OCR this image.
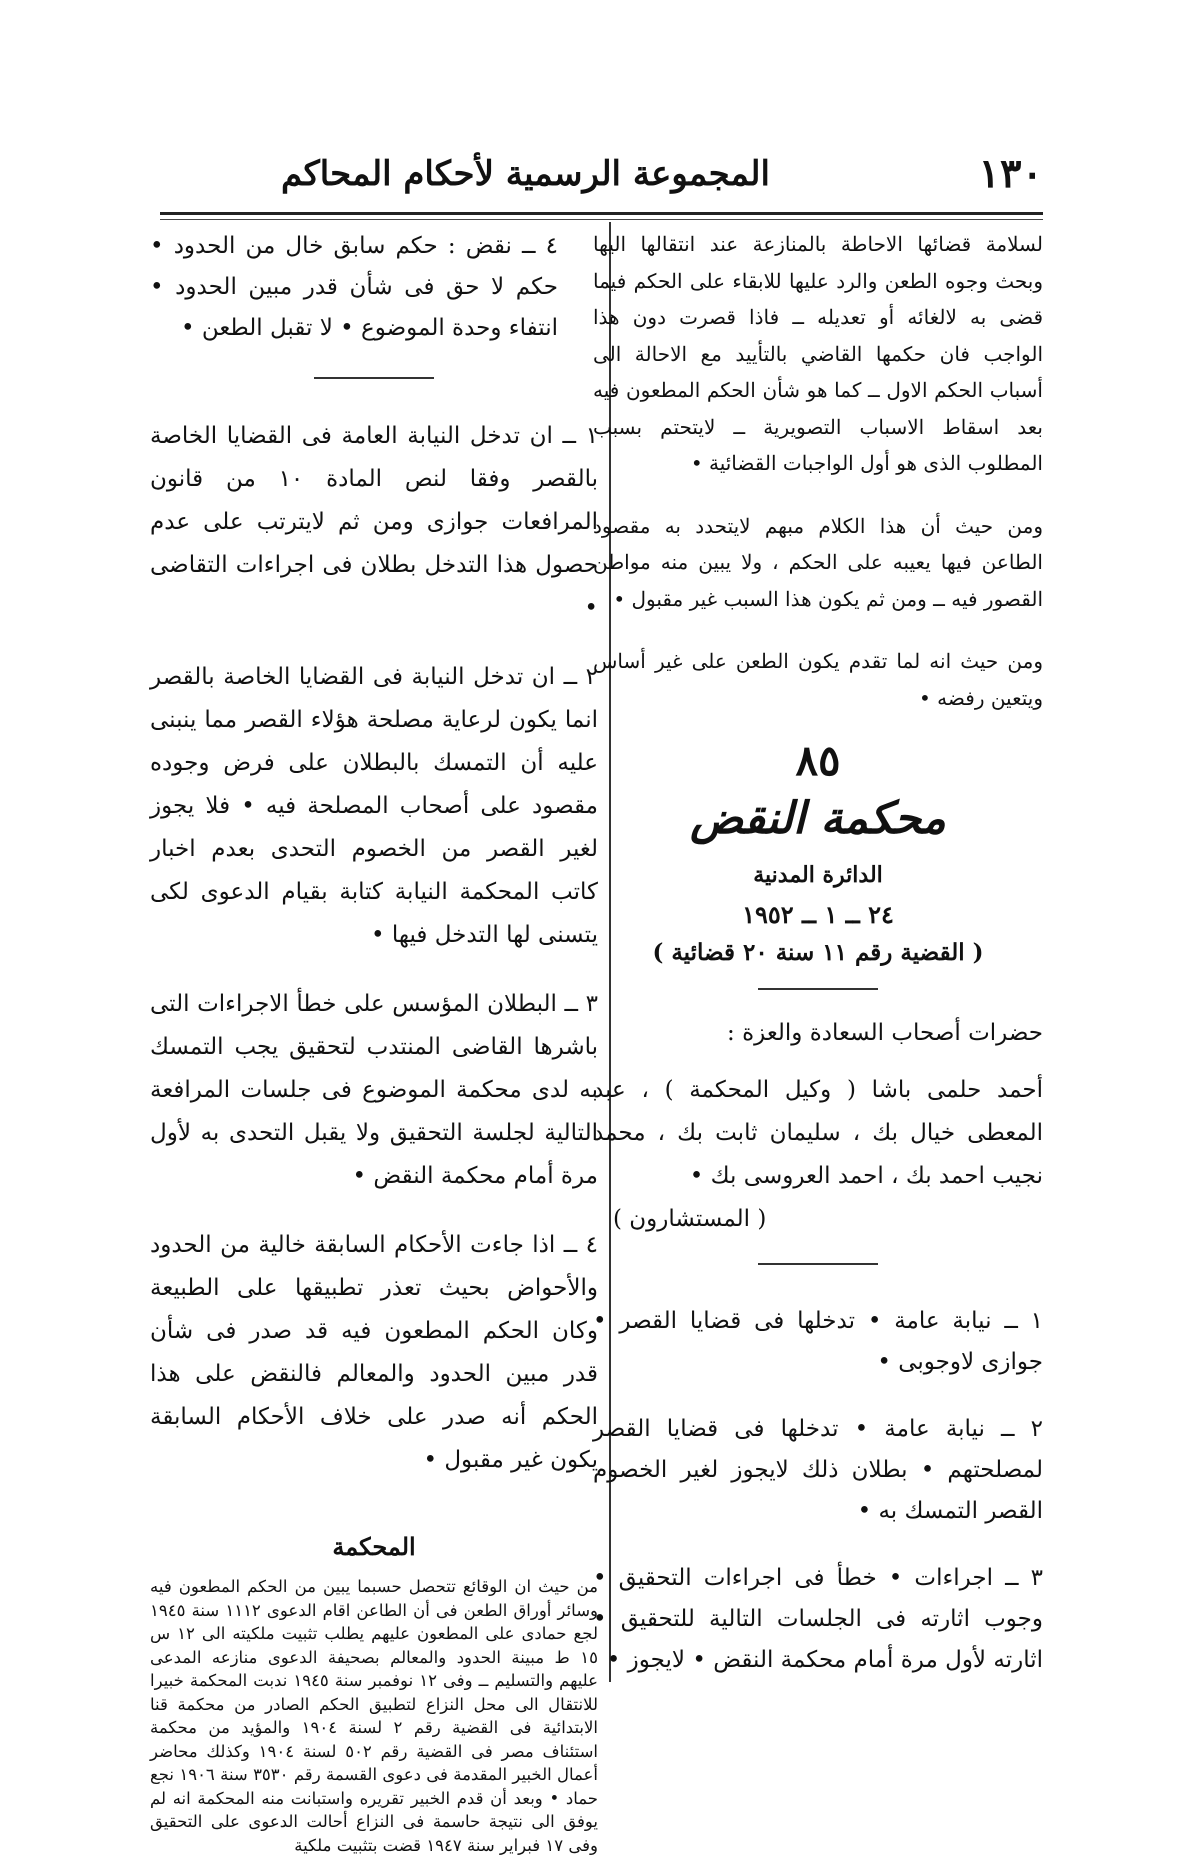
١٣٠
المجموعة الرسمية لأحكام المحاكم

لسلامة قضائها الاحاطة بالمنازعة عند انتقالها اليها وبحث وجوه الطعن والرد عليها للابقاء على الحكم فيما قضى به لالغائه أو تعديله ــ فاذا قصرت دون هذا الواجب فان حكمها القاضي بالتأييد مع الاحالة الى أسباب الحكم الاول ــ كما هو شأن الحكم المطعون فيه بعد اسقاط الاسباب التصويرية ــ لايتحتم بسبب المطلوب الذى هو أول الواجبات القضائية •

ومن حيث أن هذا الكلام مبهم لايتحدد به مقصود الطاعن فيها يعيبه على الحكم ، ولا يبين منه مواطن القصور فيه ــ ومن ثم يكون هذا السبب غير مقبول •

ومن حيث انه لما تقدم يكون الطعن على غير أساس ويتعين رفضه •

٨٥
محكمة النقض
الدائرة المدنية
٢٤ ــ ١ ــ ١٩٥٢
( القضية رقم ١١ سنة ٢٠ قضائية )

حضرات أصحاب السعادة والعزة :

أحمد حلمى باشا ( وكيل المحكمة ) ، عبد المعطى خيال بك ، سليمان ثابت بك ، محمد نجيب احمد بك ، احمد العروسى بك •

( المستشارون )

١ ــ نيابة عامة • تدخلها فى قضايا القصر • جوازى لاوجوبى •

٢ ــ نيابة عامة • تدخلها فى قضايا القصر لمصلحتهم • بطلان ذلك لايجوز لغير الخصوم القصر التمسك به •

٣ ــ اجراءات • خطأ فى اجراءات التحقيق • وجوب اثارته فى الجلسات التالية للتحقيق • اثارته لأول مرة أمام محكمة النقض • لايجوز •

٤ ــ نقض : حكم سابق خال من الحدود • حكم لا حق فى شأن قدر مبين الحدود • انتفاء وحدة الموضوع • لا تقبل الطعن •

١ ــ ان تدخل النيابة العامة فى القضايا الخاصة بالقصر وفقا لنص المادة ١٠ من قانون المرافعات جوازى ومن ثم لايترتب على عدم حصول هذا التدخل بطلان فى اجراءات التقاضى •

٢ ــ ان تدخل النيابة فى القضايا الخاصة بالقصر انما يكون لرعاية مصلحة هؤلاء القصر مما ينبنى عليه أن التمسك بالبطلان على فرض وجوده مقصود على أصحاب المصلحة فيه • فلا يجوز لغير القصر من الخصوم التحدى بعدم اخبار كاتب المحكمة النيابة كتابة بقيام الدعوى لكى يتسنى لها التدخل فيها •

٣ ــ البطلان المؤسس على خطأ الاجراءات التى باشرها القاضى المنتدب لتحقيق يجب التمسك به لدى محكمة الموضوع فى جلسات المرافعة التالية لجلسة التحقيق ولا يقبل التحدى به لأول مرة أمام محكمة النقض •

٤ ــ اذا جاءت الأحكام السابقة خالية من الحدود والأحواض بحيث تعذر تطبيقها على الطبيعة وكان الحكم المطعون فيه قد صدر فى شأن قدر مبين الحدود والمعالم فالنقض على هذا الحكم أنه صدر على خلاف الأحكام السابقة يكون غير مقبول •

المحكمة

من حيث ان الوقائع تتحصل حسبما يبين من الحكم المطعون فيه وسائر أوراق الطعن فى أن الطاعن اقام الدعوى ١١١٢ سنة ١٩٤٥ لجع حمادى على المطعون عليهم يطلب تثبيت ملكيته الى ١٢ س ١٥ ط مبينة الحدود والمعالم بصحيفة الدعوى منازعه المدعى عليهم والتسليم ــ وفى ١٢ نوفمبر سنة ١٩٤٥ ندبت المحكمة خبيرا للانتقال الى محل النزاع لتطبيق الحكم الصادر من محكمة قنا الابتدائية فى القضية رقم ٢ لسنة ١٩٠٤ والمؤيد من محكمة استئناف مصر فى القضية رقم ٥٠٢ لسنة ١٩٠٤ وكذلك محاضر أعمال الخبير المقدمة فى دعوى القسمة رقم ٣٥٣٠ سنة ١٩٠٦ نجع حماد • وبعد أن قدم الخبير تقريره واستبانت منه المحكمة انه لم يوفق الى نتيجة حاسمة فى النزاع أحالت الدعوى على التحقيق وفى ١٧ فبراير سنة ١٩٤٧ قضت بتثبيت ملكية
